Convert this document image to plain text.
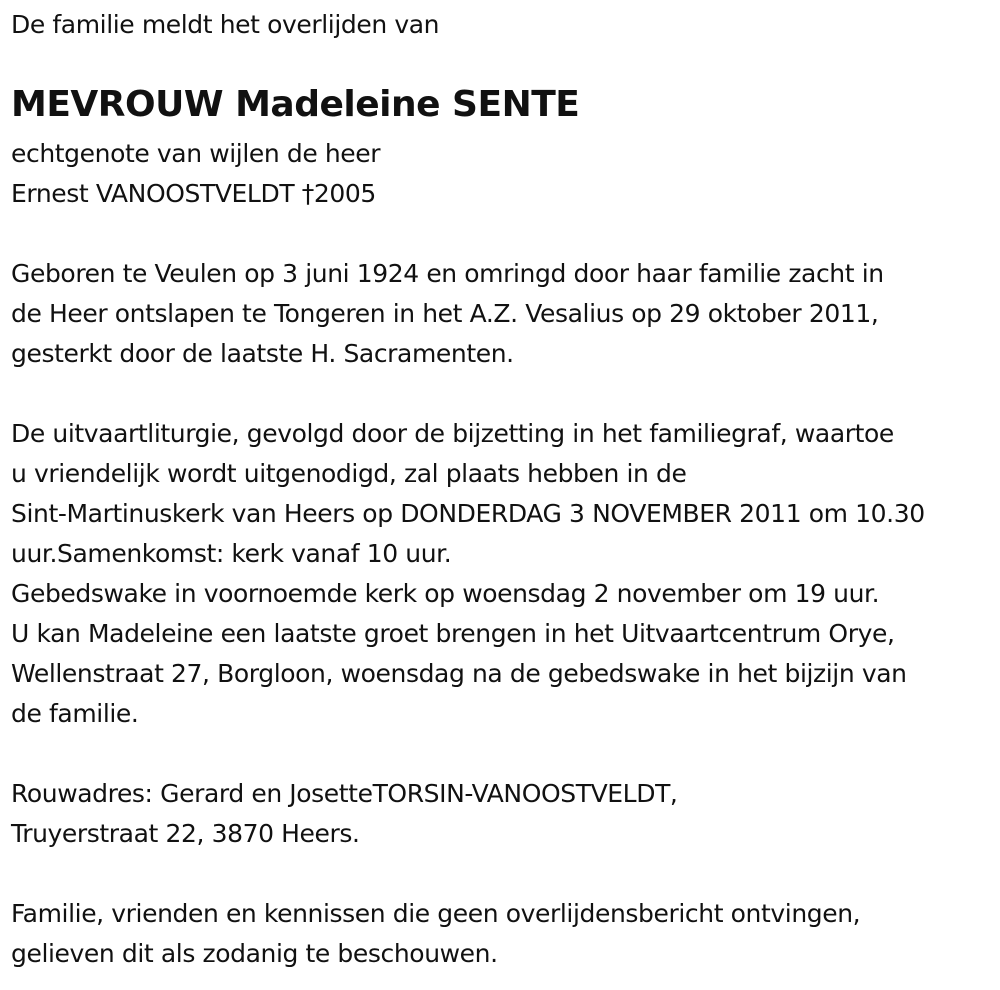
De familie meldt het overlijden van
MEVROUW Madeleine SENTE
echtgenote van wijlen de heer
Ernest VANOOSTVELDT †2005
Geboren te Veulen op 3 juni 1924 en omringd door haar familie zacht in
de Heer ontslapen te Tongeren in het A.Z. Vesalius op 29 oktober 2011,
gesterkt door de laatste H. Sacramenten.
De uitvaartliturgie, gevolgd door de bijzetting in het familiegraf, waartoe
u vriendelijk wordt uitgenodigd, zal plaats hebben in de
Sint-Martinuskerk van Heers op DONDERDAG 3 NOVEMBER 2011 om 10.30
uur.Samenkomst: kerk vanaf 10 uur.
Gebedswake in voornoemde kerk op woensdag 2 november om 19 uur.
U kan Madeleine een laatste groet brengen in het Uitvaartcentrum Orye,
Wellenstraat 27, Borgloon, woensdag na de gebedswake in het bijzijn van
de familie.
Rouwadres: Gerard en JosetteTORSIN-VANOOSTVELDT,
Truyerstraat 22, 3870 Heers.
Familie, vrienden en kennissen die geen overlijdensbericht ontvingen,
gelieven dit als zodanig te beschouwen.
